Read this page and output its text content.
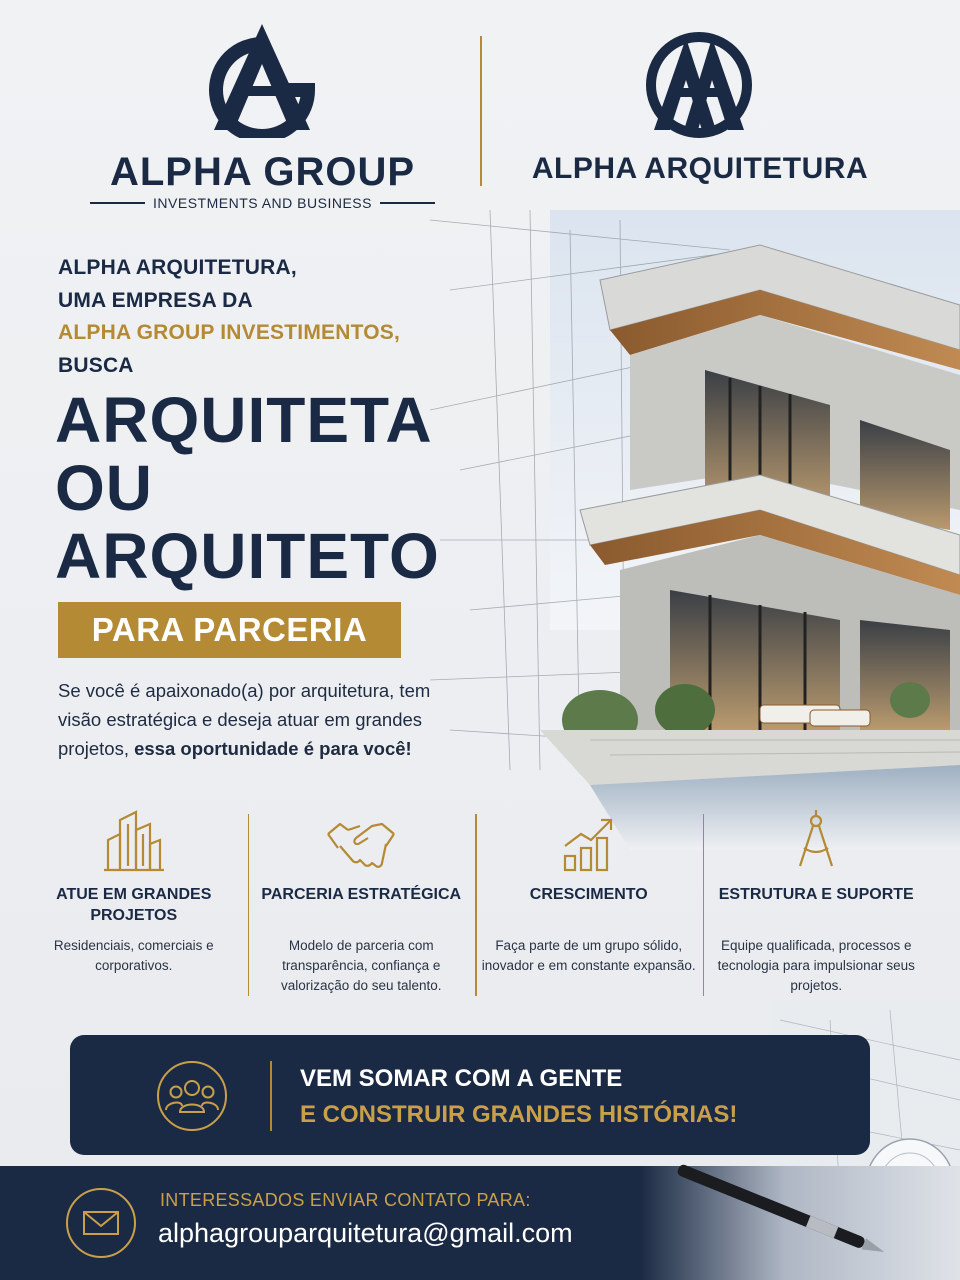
ALPHA GROUP
INVESTMENTS AND BUSINESS
ALPHA ARQUITETURA
ALPHA ARQUITETURA,
UMA EMPRESA DA
ALPHA GROUP INVESTIMENTOS,
BUSCA
ARQUITETA
OU
ARQUITETO
PARA PARCERIA
Se você é apaixonado(a) por arquitetura, tem visão estratégica e deseja atuar em grandes projetos, essa oportunidade é para você!
ATUE EM GRANDES PROJETOS
Residenciais, comerciais e corporativos.
PARCERIA ESTRATÉGICA
Modelo de parceria com transparência, confiança e valorização do seu talento.
CRESCIMENTO
Faça parte de um grupo sólido, inovador e em constante expansão.
ESTRUTURA E SUPORTE
Equipe qualificada, processos e tecnologia para impulsionar seus projetos.
VEM SOMAR COM A GENTE
E CONSTRUIR GRANDES HISTÓRIAS!
INTERESSADOS ENVIAR CONTATO PARA:
alphagrouparquitetura@gmail.com
